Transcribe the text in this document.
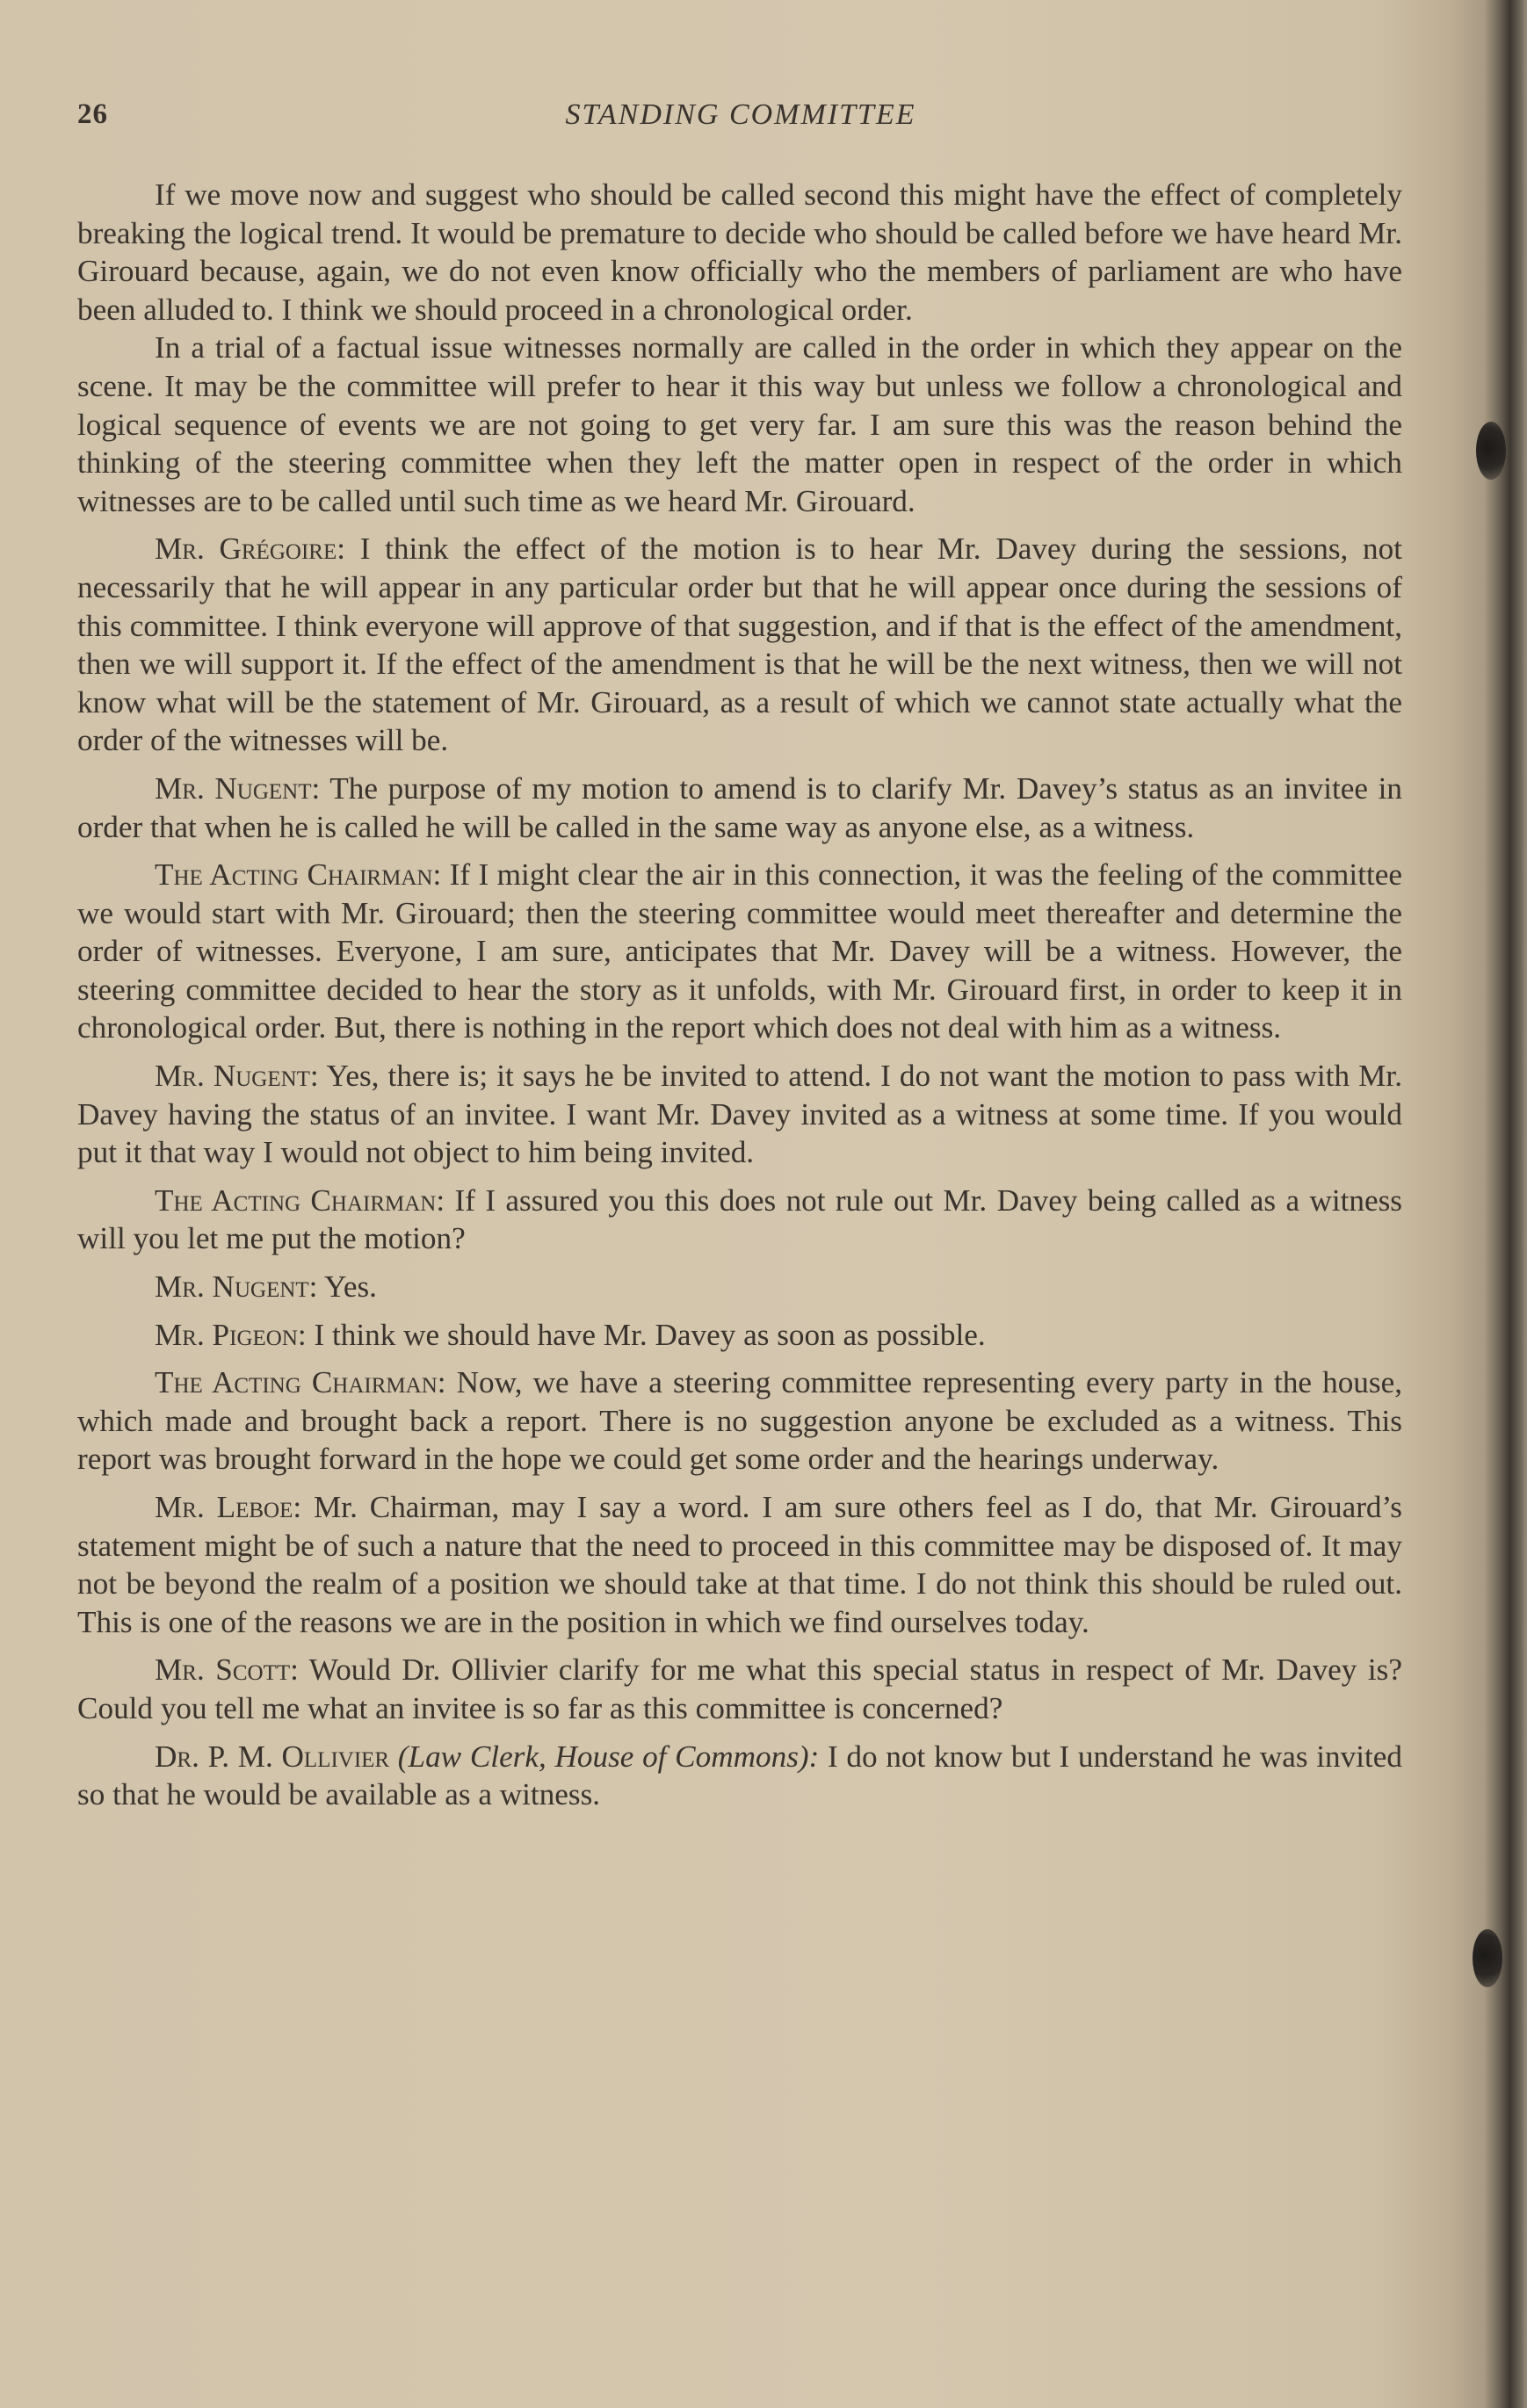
26	STANDING COMMITTEE

If we move now and suggest who should be called second this might have the effect of completely breaking the logical trend. It would be premature to decide who should be called before we have heard Mr. Girouard because, again, we do not even know officially who the members of parliament are who have been alluded to. I think we should proceed in a chronological order.

In a trial of a factual issue witnesses normally are called in the order in which they appear on the scene. It may be the committee will prefer to hear it this way but unless we follow a chronological and logical sequence of events we are not going to get very far. I am sure this was the reason behind the thinking of the steering committee when they left the matter open in respect of the order in which witnesses are to be called until such time as we heard Mr. Girouard.

Mr. Grégoire: I think the effect of the motion is to hear Mr. Davey during the sessions, not necessarily that he will appear in any particular order but that he will appear once during the sessions of this committee. I think everyone will approve of that suggestion, and if that is the effect of the amendment, then we will support it. If the effect of the amendment is that he will be the next witness, then we will not know what will be the statement of Mr. Girouard, as a result of which we cannot state actually what the order of the witnesses will be.

Mr. Nugent: The purpose of my motion to amend is to clarify Mr. Davey’s status as an invitee in order that when he is called he will be called in the same way as anyone else, as a witness.

The Acting Chairman: If I might clear the air in this connection, it was the feeling of the committee we would start with Mr. Girouard; then the steering committee would meet thereafter and determine the order of witnesses. Everyone, I am sure, anticipates that Mr. Davey will be a witness. However, the steering committee decided to hear the story as it unfolds, with Mr. Girouard first, in order to keep it in chronological order. But, there is nothing in the report which does not deal with him as a witness.

Mr. Nugent: Yes, there is; it says he be invited to attend. I do not want the motion to pass with Mr. Davey having the status of an invitee. I want Mr. Davey invited as a witness at some time. If you would put it that way I would not object to him being invited.

The Acting Chairman: If I assured you this does not rule out Mr. Davey being called as a witness will you let me put the motion?

Mr. Nugent: Yes.

Mr. Pigeon: I think we should have Mr. Davey as soon as possible.

The Acting Chairman: Now, we have a steering committee representing every party in the house, which made and brought back a report. There is no suggestion anyone be excluded as a witness. This report was brought forward in the hope we could get some order and the hearings underway.

Mr. Leboe: Mr. Chairman, may I say a word. I am sure others feel as I do, that Mr. Girouard’s statement might be of such a nature that the need to proceed in this committee may be disposed of. It may not be beyond the realm of a position we should take at that time. I do not think this should be ruled out. This is one of the reasons we are in the position in which we find ourselves today.

Mr. Scott: Would Dr. Ollivier clarify for me what this special status in respect of Mr. Davey is? Could you tell me what an invitee is so far as this committee is concerned?

Dr. P. M. Ollivier (Law Clerk, House of Commons): I do not know but I understand he was invited so that he would be available as a witness.
